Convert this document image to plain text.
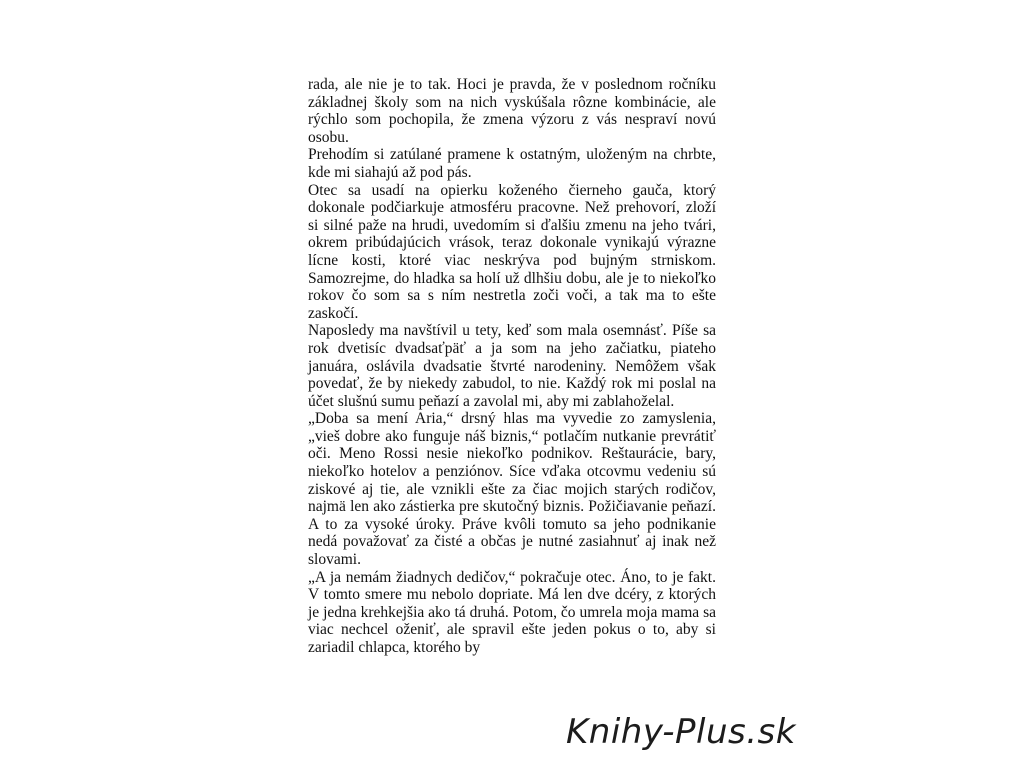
rada, ale nie je to tak. Hoci je pravda, že v poslednom ročníku základnej školy som na nich vyskúšala rôzne kombinácie, ale rýchlo som pochopila, že zmena výzoru z vás nespraví novú osobu.

Prehodím si zatúlané pramene k ostatným, uloženým na chrbte, kde mi siahajú až pod pás.

Otec sa usadí na opierku koženého čierneho gauča, ktorý dokonale podčiarkuje atmosféru pracovne. Než prehovorí, zloží si silné paže na hrudi, uvedomím si ďalšiu zmenu na jeho tvári, okrem pribúdajúcich vrások, teraz dokonale vynikajú výrazne lícne kosti, ktoré viac neskrýva pod bujným strniskom. Samozrejme, do hladka sa holí už dlhšiu dobu, ale je to niekoľko rokov čo som sa s ním nestretla zoči voči, a tak ma to ešte zaskočí.

Naposledy ma navštívil u tety, keď som mala osemnásť. Píše sa rok dvetisíc dvadsaťpäť a ja som na jeho začiatku, piateho januára, oslávila dvadsatie štvrté narodeniny. Nemôžem však povedať, že by niekedy zabudol, to nie. Každý rok mi poslal na účet slušnú sumu peňazí a zavolal mi, aby mi zablahoželal.

„Doba sa mení Aria,“ drsný hlas ma vyvedie zo zamyslenia, „vieš dobre ako funguje náš biznis,“ potlačím nutkanie prevrátiť oči. Meno Rossi nesie niekoľko podnikov. Reštaurácie, bary, niekoľko hotelov a penziónov. Síce vďaka otcovmu vedeniu sú ziskové aj tie, ale vznikli ešte za čiac mojich starých rodičov, najmä len ako zástierka pre skutočný biznis. Požičiavanie peňazí. A to za vysoké úroky. Práve kvôli tomuto sa jeho podnikanie nedá považovať za čisté a občas je nutné zasiahnuť aj inak než slovami.

„A ja nemám žiadnych dedičov,“ pokračuje otec. Áno, to je fakt. V tomto smere mu nebolo dopriate. Má len dve dcéry, z ktorých je jedna krehkejšia ako tá druhá. Potom, čo umrela moja mama sa viac nechcel oženiť, ale spravil ešte jeden pokus o to, aby si zariadil chlapca, ktorého by

Knihy-Plus.sk
